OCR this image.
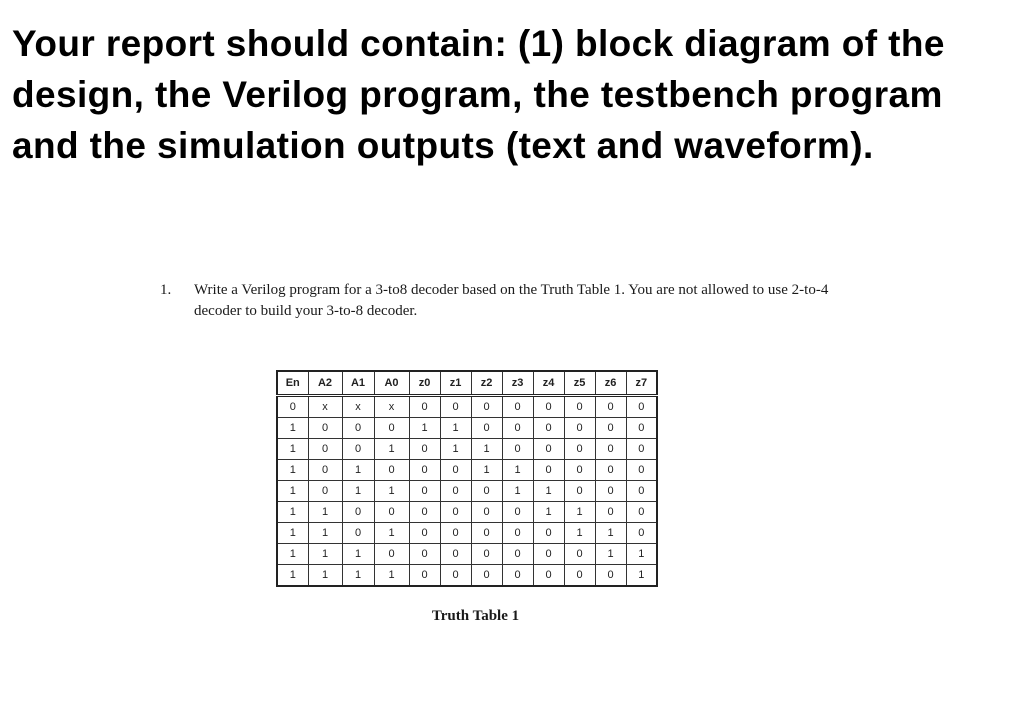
Your report should contain: (1) block diagram of the design, the Verilog program, the testbench program and the simulation outputs (text and waveform).
1. Write a Verilog program for a 3-to8 decoder based on the Truth Table 1. You are not allowed to use 2-to-4 decoder to build your 3-to-8 decoder.
En	A2	A1	A0	z0	z1	z2	z3	z4	z5	z6	z7
0	x	x	x	0	0	0	0	0	0	0	0
1	0	0	0	1	1	0	0	0	0	0	0
1	0	0	1	0	1	1	0	0	0	0	0
1	0	1	0	0	0	1	1	0	0	0	0
1	0	1	1	0	0	0	1	1	0	0	0
1	1	0	0	0	0	0	0	1	1	0	0
1	1	0	1	0	0	0	0	0	1	1	0
1	1	1	0	0	0	0	0	0	0	1	1
1	1	1	1	0	0	0	0	0	0	0	1
Truth Table 1
